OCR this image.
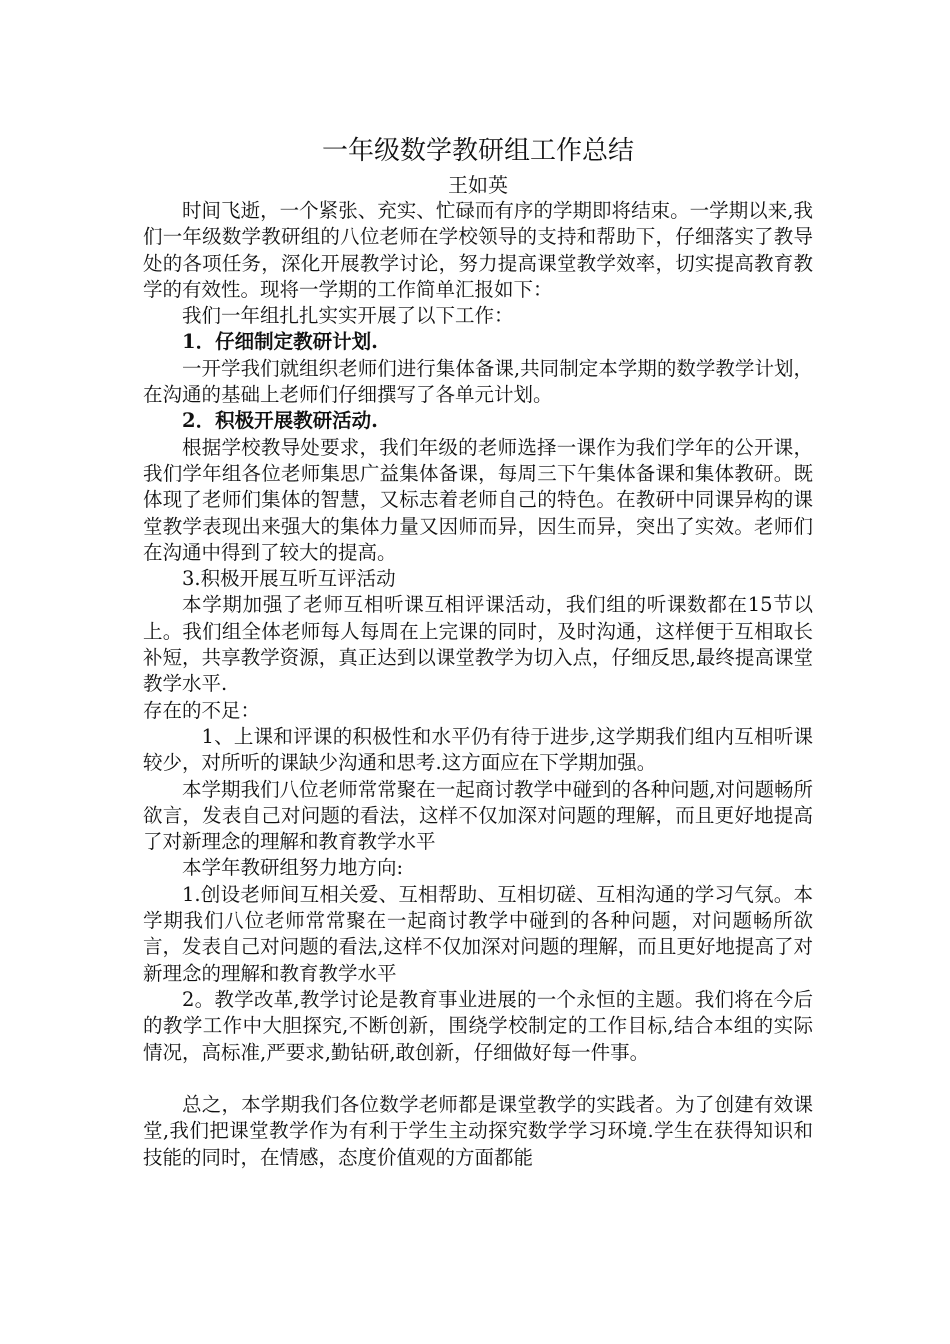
一年级数学教研组工作总结

王如英

时间飞逝，一个紧张、充实、忙碌而有序的学期即将结束。一学期以来,我们一年级数学教研组的八位老师在学校领导的支持和帮助下，仔细落实了教导处的各项任务，深化开展教学讨论，努力提高课堂教学效率，切实提高教育教学的有效性。现将一学期的工作简单汇报如下：

我们一年组扎扎实实开展了以下工作：

1．仔细制定教研计划.

一开学我们就组织老师们进行集体备课,共同制定本学期的数学教学计划，在沟通的基础上老师们仔细撰写了各单元计划。

2．积极开展教研活动.

根据学校教导处要求，我们年级的老师选择一课作为我们学年的公开课，我们学年组各位老师集思广益集体备课，每周三下午集体备课和集体教研。既体现了老师们集体的智慧，又标志着老师自己的特色。在教研中同课异构的课堂教学表现出来强大的集体力量又因师而异，因生而异，突出了实效。老师们在沟通中得到了较大的提高。

3.积极开展互听互评活动

本学期加强了老师互相听课互相评课活动，我们组的听课数都在15节以上。我们组全体老师每人每周在上完课的同时，及时沟通，这样便于互相取长补短，共享教学资源，真正达到以课堂教学为切入点，仔细反思,最终提高课堂教学水平.

存在的不足：

1、上课和评课的积极性和水平仍有待于进步,这学期我们组内互相听课较少，对所听的课缺少沟通和思考.这方面应在下学期加强。

本学期我们八位老师常常聚在一起商讨教学中碰到的各种问题,对问题畅所欲言，发表自己对问题的看法，这样不仅加深对问题的理解，而且更好地提高了对新理念的理解和教育教学水平

本学年教研组努力地方向:

1.创设老师间互相关爱、互相帮助、互相切磋、互相沟通的学习气氛。本学期我们八位老师常常聚在一起商讨教学中碰到的各种问题，对问题畅所欲言，发表自己对问题的看法,这样不仅加深对问题的理解，而且更好地提高了对新理念的理解和教育教学水平

2。教学改革,教学讨论是教育事业进展的一个永恒的主题。我们将在今后的教学工作中大胆探究,不断创新，围绕学校制定的工作目标,结合本组的实际情况，高标准,严要求,勤钻研,敢创新，仔细做好每一件事。

总之，本学期我们各位数学老师都是课堂教学的实践者。为了创建有效课堂,我们把课堂教学作为有利于学生主动探究数学学习环境.学生在获得知识和技能的同时，在情感，态度价值观的方面都能
